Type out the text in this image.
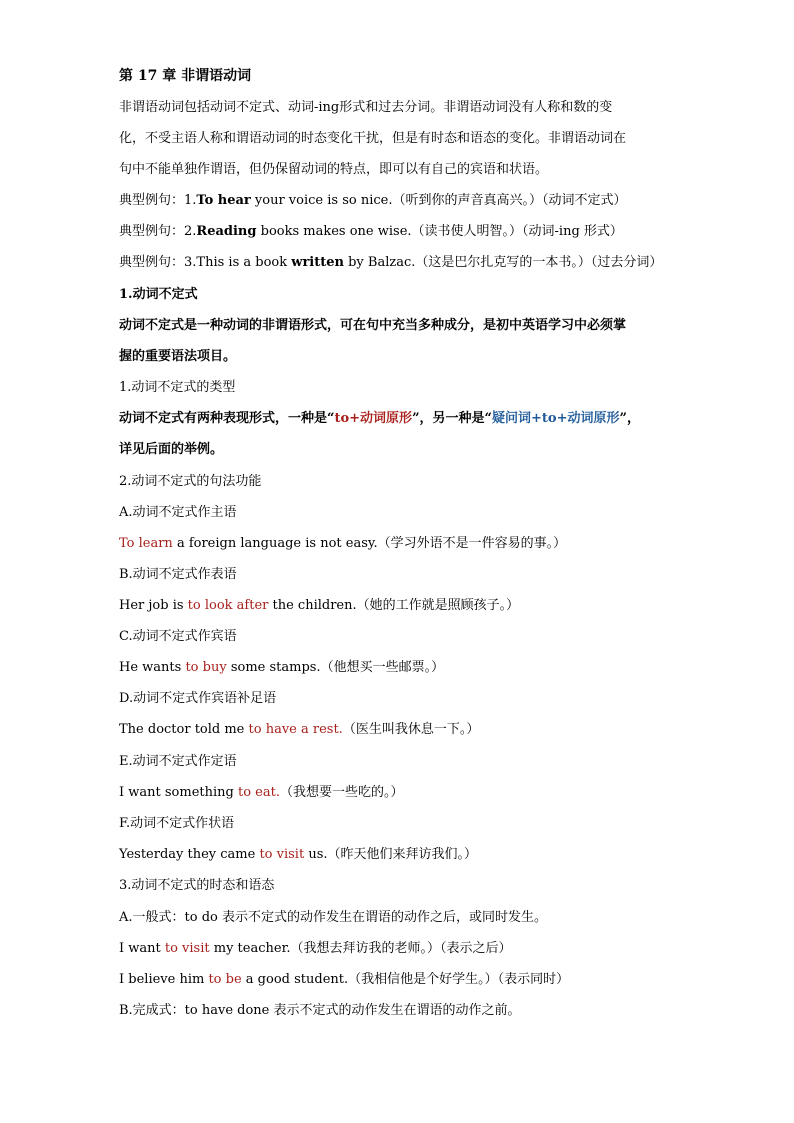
第 17 章 非谓语动词
非谓语动词包括动词不定式、动词-ing形式和过去分词。非谓语动词没有人称和数的变
化，不受主语人称和谓语动词的时态变化干扰，但是有时态和语态的变化。非谓语动词在
句中不能单独作谓语，但仍保留动词的特点，即可以有自己的宾语和状语。
典型例句：1.To hear your voice is so nice.（听到你的声音真高兴。）（动词不定式）
典型例句：2.Reading books makes one wise.（读书使人明智。）（动词-ing 形式）
典型例句：3.This is a book written by Balzac.（这是巴尔扎克写的一本书。）（过去分词）
1.动词不定式
动词不定式是一种动词的非谓语形式，可在句中充当多种成分，是初中英语学习中必须掌
握的重要语法项目。
1.动词不定式的类型
动词不定式有两种表现形式，一种是“to+动词原形”，另一种是“疑问词+to+动词原形”，
详见后面的举例。
2.动词不定式的句法功能
A.动词不定式作主语
To learn a foreign language is not easy.（学习外语不是一件容易的事。）
B.动词不定式作表语
Her job is to look after the children.（她的工作就是照顾孩子。）
C.动词不定式作宾语
He wants to buy some stamps.（他想买一些邮票。）
D.动词不定式作宾语补足语
The doctor told me to have a rest.（医生叫我休息一下。）
E.动词不定式作定语
I want something to eat.（我想要一些吃的。）
F.动词不定式作状语
Yesterday they came to visit us.（昨天他们来拜访我们。）
3.动词不定式的时态和语态
A.一般式：to do 表示不定式的动作发生在谓语的动作之后，或同时发生。
I want to visit my teacher.（我想去拜访我的老师。）（表示之后）
I believe him to be a good student.（我相信他是个好学生。）（表示同时）
B.完成式：to have done 表示不定式的动作发生在谓语的动作之前。
